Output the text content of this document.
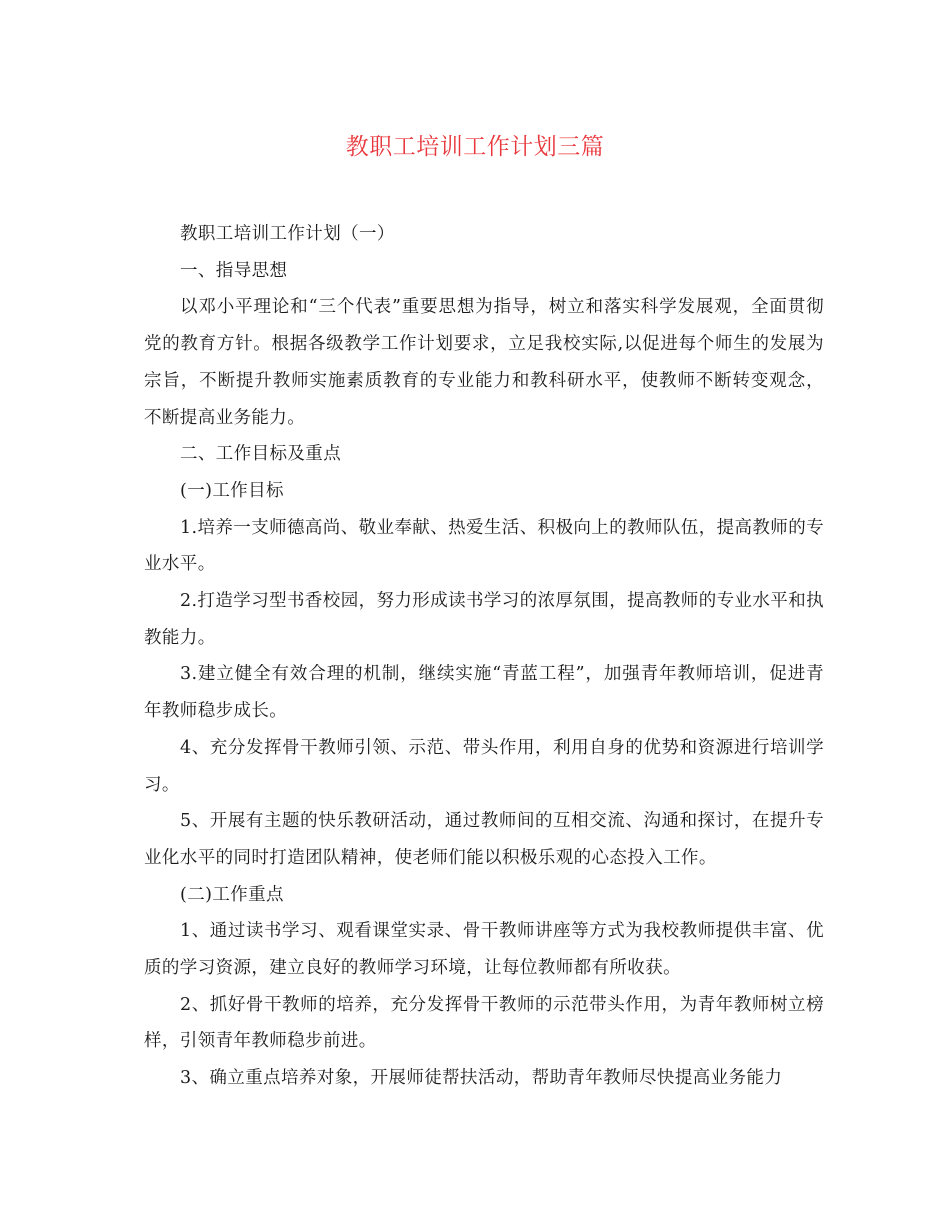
教职工培训工作计划三篇

教职工培训工作计划（一）

一、指导思想

以邓小平理论和“三个代表”重要思想为指导，树立和落实科学发展观，全面贯彻党的教育方针。根据各级教学工作计划要求，立足我校实际,以促进每个师生的发展为宗旨，不断提升教师实施素质教育的专业能力和教科研水平，使教师不断转变观念，不断提高业务能力。

二、工作目标及重点

(一)工作目标

1.培养一支师德高尚、敬业奉献、热爱生活、积极向上的教师队伍，提高教师的专业水平。

2.打造学习型书香校园，努力形成读书学习的浓厚氛围，提高教师的专业水平和执教能力。

3.建立健全有效合理的机制，继续实施“青蓝工程”，加强青年教师培训，促进青年教师稳步成长。

4、充分发挥骨干教师引领、示范、带头作用，利用自身的优势和资源进行培训学习。

5、开展有主题的快乐教研活动，通过教师间的互相交流、沟通和探讨，在提升专业化水平的同时打造团队精神，使老师们能以积极乐观的心态投入工作。

(二)工作重点

1、通过读书学习、观看课堂实录、骨干教师讲座等方式为我校教师提供丰富、优质的学习资源，建立良好的教师学习环境，让每位教师都有所收获。

2、抓好骨干教师的培养，充分发挥骨干教师的示范带头作用，为青年教师树立榜样，引领青年教师稳步前进。

3、确立重点培养对象，开展师徒帮扶活动，帮助青年教师尽快提高业务能力
